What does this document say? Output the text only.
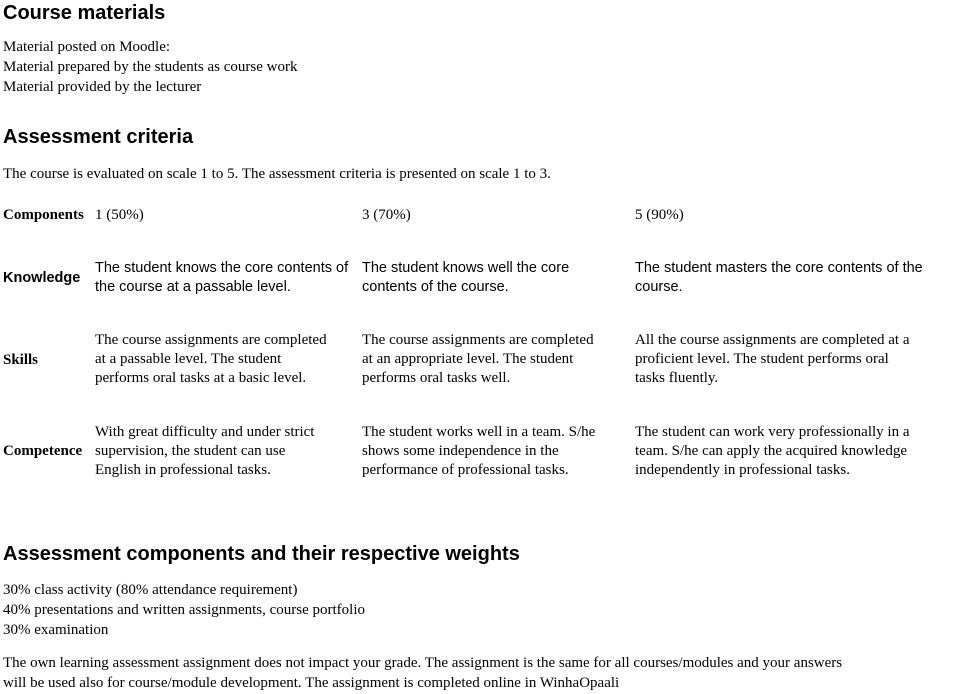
Course materials
Material posted on Moodle:
Material prepared by the students as course work
Material provided by the lecturer
Assessment criteria
The course is evaluated on scale 1 to 5. The assessment criteria is presented on scale 1 to 3.
Components 1 (50%)	3 (70%)	5 (90%)
Knowledge
The student knows the core contents of
the course at a passable level.
The student knows well the core
contents of the course.
The student masters the core contents of the
course.
Skills
The course assignments are completed
at a passable level. The student
performs oral tasks at a basic level.
The course assignments are completed
at an appropriate level. The student
performs oral tasks well.
All the course assignments are completed at a
proficient level. The student performs oral
tasks fluently.
Competence
With great difficulty and under strict
supervision, the student can use
English in professional tasks.
The student works well in a team. S/he
shows some independence in the
performance of professional tasks.
The student can work very professionally in a
team. S/he can apply the acquired knowledge
independently in professional tasks.
Assessment components and their respective weights
30% class activity (80% attendance requirement)
40% presentations and written assignments, course portfolio
30% examination
The own learning assessment assignment does not impact your grade. The assignment is the same for all courses/modules and your answers
will be used also for course/module development. The assignment is completed online in WinhaOpaali
